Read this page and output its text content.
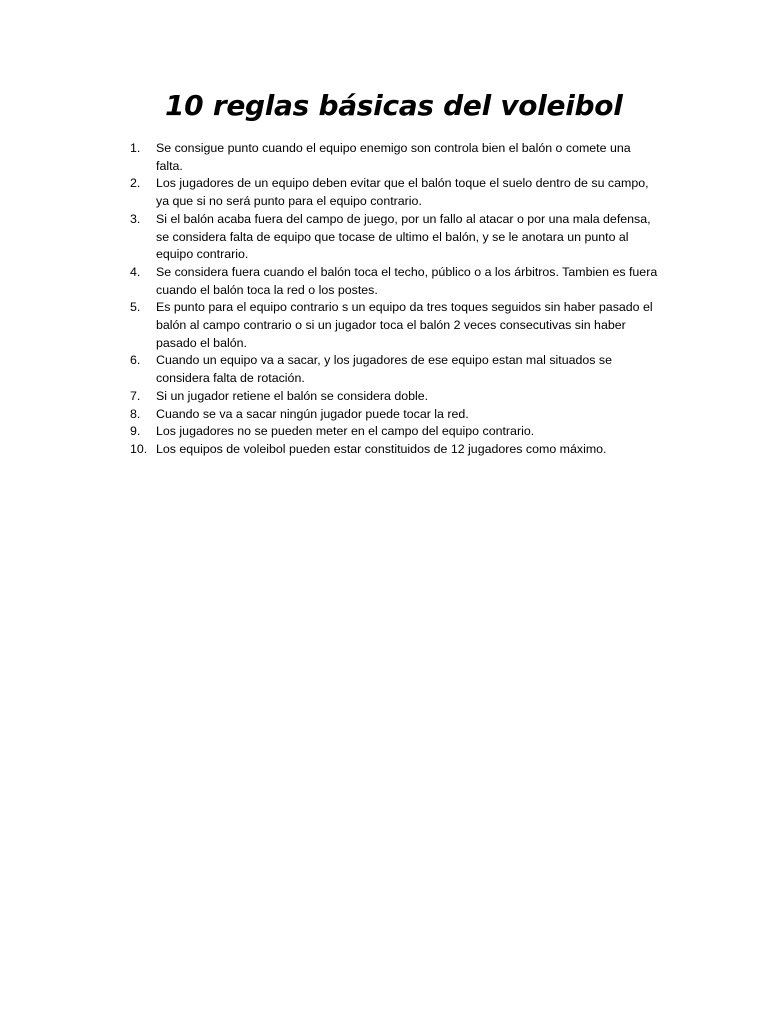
10 reglas básicas del voleibol
1.	Se consigue punto cuando el equipo enemigo son controla bien el balón o comete una falta.
2.	Los jugadores de un equipo deben evitar que el balón toque el suelo dentro de su campo, ya que si no será punto para el equipo contrario.
3.	Si el balón acaba fuera del campo de juego, por un fallo al atacar o por una mala defensa, se considera falta de equipo que tocase de ultimo el balón, y se le anotara un punto al equipo contrario.
4.	Se considera fuera cuando el balón toca el techo, público o a los árbitros. Tambien es fuera cuando el balón toca la red o los postes.
5.	Es punto para el equipo contrario s un equipo da tres toques seguidos sin haber pasado el balón al campo contrario o si un jugador toca el balón 2 veces consecutivas sin haber pasado el balón.
6.	Cuando un equipo va a sacar, y los jugadores de ese equipo estan mal situados se considera falta de rotación.
7.	Si un jugador retiene el balón se considera doble.
8.	Cuando se va a sacar ningún jugador puede tocar la red.
9.	Los jugadores no se pueden meter en el campo del equipo contrario.
10. Los equipos de voleibol pueden estar constituidos de 12 jugadores como máximo.
